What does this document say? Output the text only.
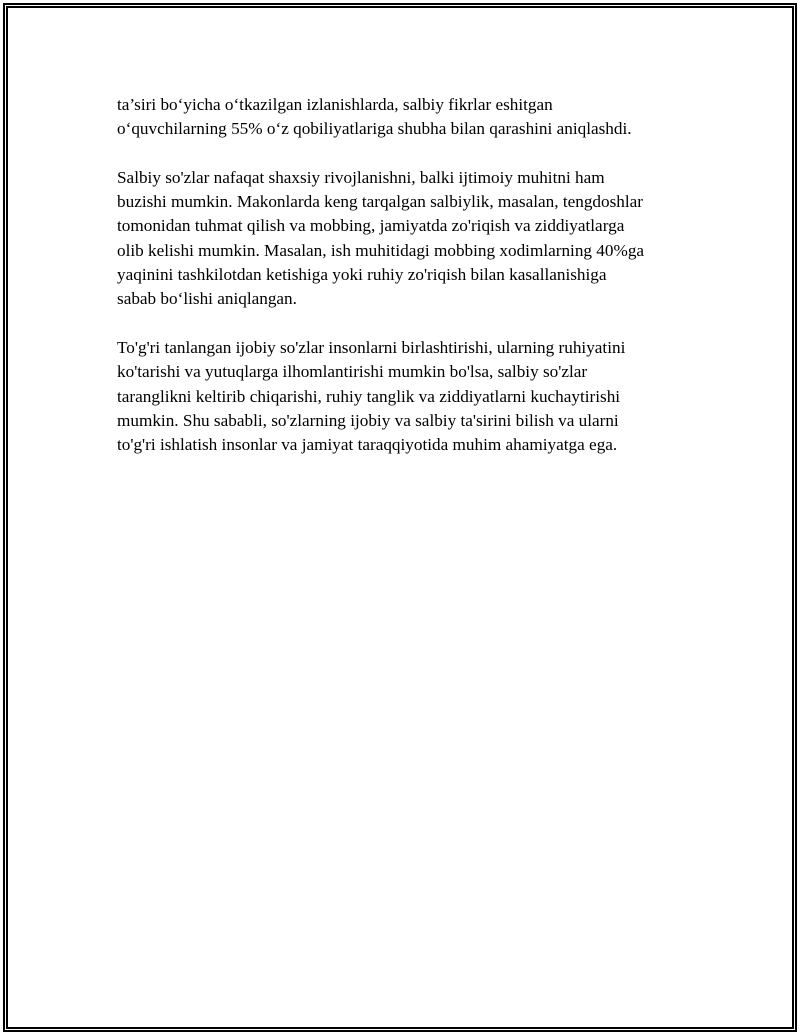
ta’siri bo‘yicha o‘tkazilgan izlanishlarda, salbiy fikrlar eshitgan
o‘quvchilarning 55% o‘z qobiliyatlariga shubha bilan qarashini aniqlashdi.

Salbiy so'zlar nafaqat shaxsiy rivojlanishni, balki ijtimoiy muhitni ham
buzishi mumkin. Makonlarda keng tarqalgan salbiylik, masalan, tengdoshlar
tomonidan tuhmat qilish va mobbing, jamiyatda zo'riqish va ziddiyatlarga
olib kelishi mumkin. Masalan, ish muhitidagi mobbing xodimlarning 40%ga
yaqinini tashkilotdan ketishiga yoki ruhiy zo'riqish bilan kasallanishiga
sabab bo‘lishi aniqlangan.

To'g'ri tanlangan ijobiy so'zlar insonlarni birlashtirishi, ularning ruhiyatini
ko'tarishi va yutuqlarga ilhomlantirishi mumkin bo'lsa, salbiy so'zlar
taranglikni keltirib chiqarishi, ruhiy tanglik va ziddiyatlarni kuchaytirishi
mumkin. Shu sababli, so'zlarning ijobiy va salbiy ta'sirini bilish va ularni
to'g'ri ishlatish insonlar va jamiyat taraqqiyotida muhim ahamiyatga ega.
